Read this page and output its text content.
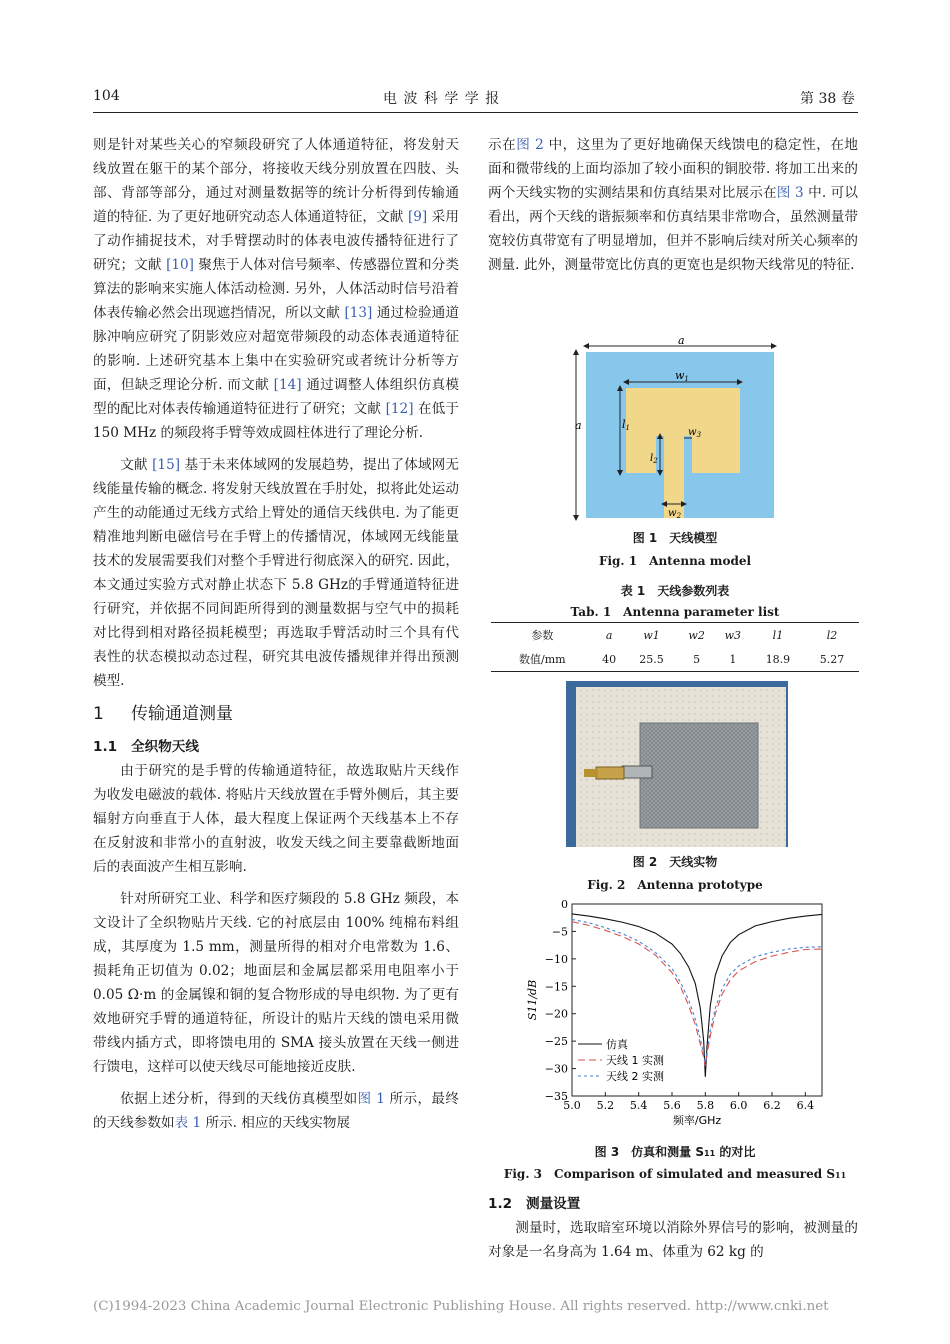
104	电 波 科 学 学 报	第 38 卷

则是针对某些关心的窄频段研究了人体通道特征，将发射天线放置在躯干的某个部分，将接收天线分别放置在四肢、头部、背部等部分，通过对测量数据等的统计分析得到传输通道的特征. 为了更好地研究动态人体通道特征，文献 [9] 采用了动作捕捉技术，对手臂摆动时的体表电波传播特征进行了研究；文献 [10] 聚焦于人体对信号频率、传感器位置和分类算法的影响来实施人体活动检测. 另外，人体活动时信号沿着体表传输必然会出现遮挡情况，所以文献 [13] 通过检验通道脉冲响应研究了阴影效应对超宽带频段的动态体表通道特征的影响. 上述研究基本上集中在实验研究或者统计分析等方面，但缺乏理论分析. 而文献 [14] 通过调整人体组织仿真模型的配比对体表传输通道特征进行了研究；文献 [12] 在低于 150 MHz 的频段将手臂等效成圆柱体进行了理论分析.

文献 [15] 基于未来体域网的发展趋势，提出了体域网无线能量传输的概念. 将发射天线放置在手肘处，拟将此处运动产生的动能通过无线方式给上臂处的通信天线供电. 为了能更精准地判断电磁信号在手臂上的传播情况，体域网无线能量技术的发展需要我们对整个手臂进行彻底深入的研究. 因此，本文通过实验方式对静止状态下 5.8 GHz的手臂通道特征进行研究，并依据不同间距所得到的测量数据与空气中的损耗对比得到相对路径损耗模型；再选取手臂活动时三个具有代表性的状态模拟动态过程，研究其电波传播规律并得出预测模型.

1 传输通道测量
1.1 全织物天线

由于研究的是手臂的传输通道特征，故选取贴片天线作为收发电磁波的载体. 将贴片天线放置在手臂外侧后，其主要辐射方向垂直于人体，最大程度上保证两个天线基本上不存在反射波和非常小的直射波，收发天线之间主要靠截断地面后的表面波产生相互影响.

针对所研究工业、科学和医疗频段的 5.8 GHz 频段，本文设计了全织物贴片天线. 它的衬底层由 100% 纯棉布料组成，其厚度为 1.5 mm，测量所得的相对介电常数为 1.6、损耗角正切值为 0.02；地面层和金属层都采用电阻率小于 0.05 Ω·m 的金属镍和铜的复合物形成的导电织物. 为了更有效地研究手臂的通道特征，所设计的贴片天线的馈电采用微带线内插方式，即将馈电用的 SMA 接头放置在天线一侧进行馈电，这样可以使天线尽可能地接近皮肤.

依据上述分析，得到的天线仿真模型如图 1 所示，最终的天线参数如表 1 所示. 相应的天线实物展

示在图 2 中，这里为了更好地确保天线馈电的稳定性，在地面和微带线的上面均添加了较小面积的铜胶带. 将加工出来的两个天线实物的实测结果和仿真结果对比展示在图 3 中. 可以看出，两个天线的谐振频率和仿真结果非常吻合，虽然测量带宽较仿真带宽有了明显增加，但并不影响后续对所关心频率的测量. 此外，测量带宽比仿真的更宽也是织物天线常见的特征.

a
a
w1
l1
$l_2$
$w_3$
$w_2$
图 1　天线模型
Fig. 1　Antenna model
表 1　天线参数列表
Tab. 1　Antenna parameter list
参数	a	w1	w2	w3	l1	l2
数值/mm	40	25.5	5	1	18.9	5.27
图 2　天线实物
Fig. 2　Antenna prototype
5.0 5.2 5.4 5.6 5.8 6.0 6.2 6.4
0
−5
−10
−15
−20
−25
−30
−35
频率/GHz
S11/dB
仿真
天线 1 实测
天线 2 实测
图 3　仿真和测量 S11 的对比
Fig. 3　Comparison of simulated and measured S11
1.2 测量设置

测量时，选取暗室环境以消除外界信号的影响，被测量的对象是一名身高为 1.64 m、体重为 62 kg 的

(C)1994-2023 China Academic Journal Electronic Publishing House. All rights reserved. http://www.cnki.net
